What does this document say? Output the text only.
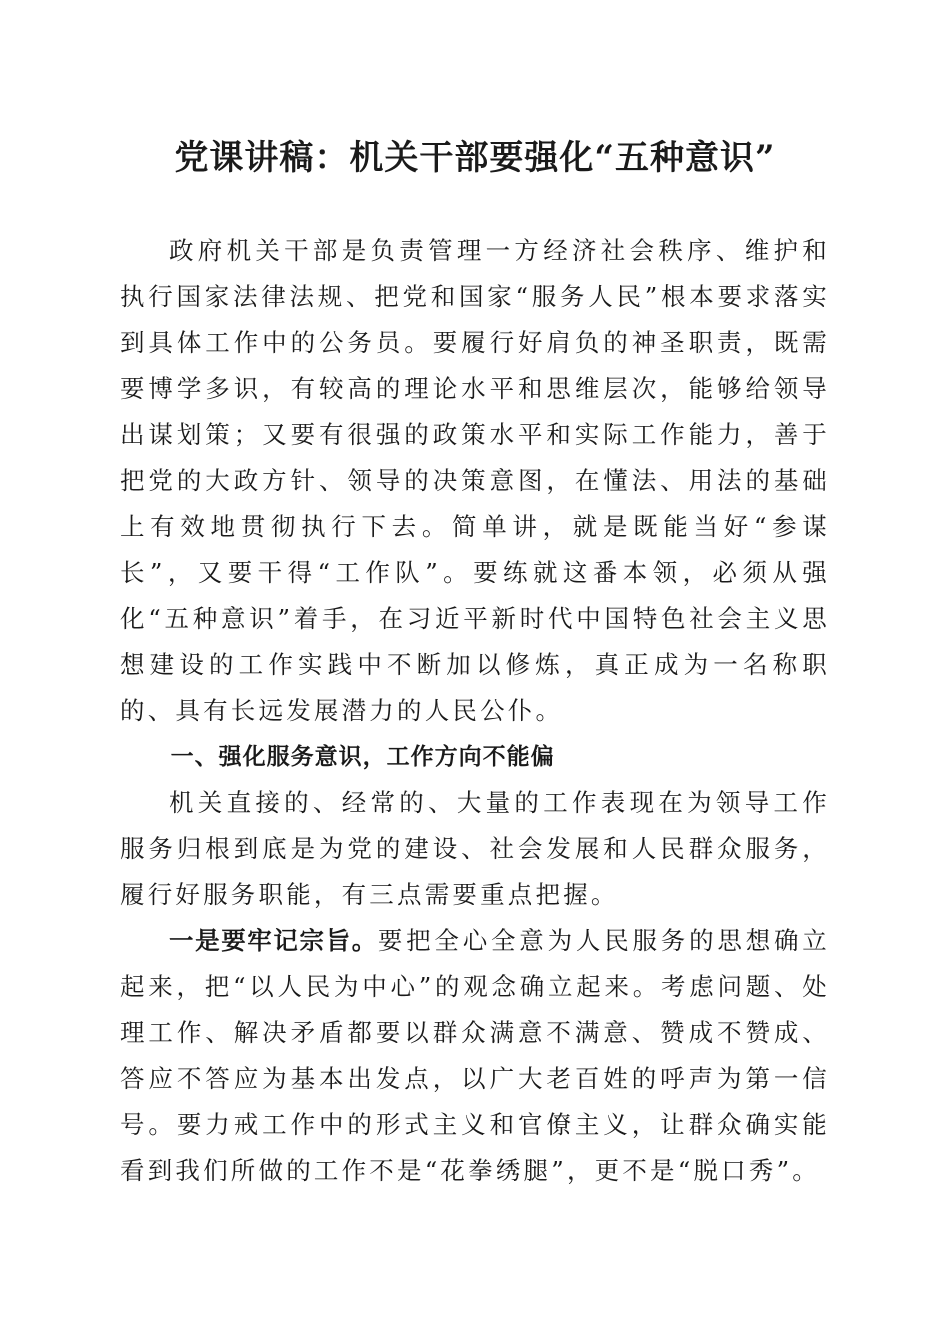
党课讲稿：机关干部要强化“五种意识”

政府机关干部是负责管理一方经济社会秩序、维护和执行国家法律法规、把党和国家“服务人民”根本要求落实到具体工作中的公务员。要履行好肩负的神圣职责，既需要博学多识，有较高的理论水平和思维层次，能够给领导出谋划策；又要有很强的政策水平和实际工作能力，善于把党的大政方针、领导的决策意图，在懂法、用法的基础上有效地贯彻执行下去。简单讲，就是既能当好“参谋长”，又要干得“工作队”。要练就这番本领，必须从强化“五种意识”着手，在习近平新时代中国特色社会主义思想建设的工作实践中不断加以修炼，真正成为一名称职的、具有长远发展潜力的人民公仆。

一、强化服务意识，工作方向不能偏

机关直接的、经常的、大量的工作表现在为领导工作服务归根到底是为党的建设、社会发展和人民群众服务，履行好服务职能，有三点需要重点把握。

一是要牢记宗旨。要把全心全意为人民服务的思想确立起来，把“以人民为中心”的观念确立起来。考虑问题、处理工作、解决矛盾都要以群众满意不满意、赞成不赞成、答应不答应为基本出发点，以广大老百姓的呼声为第一信号。要力戒工作中的形式主义和官僚主义，让群众确实能看到我们所做的工作不是“花拳绣腿”，更不是“脱口秀”。
